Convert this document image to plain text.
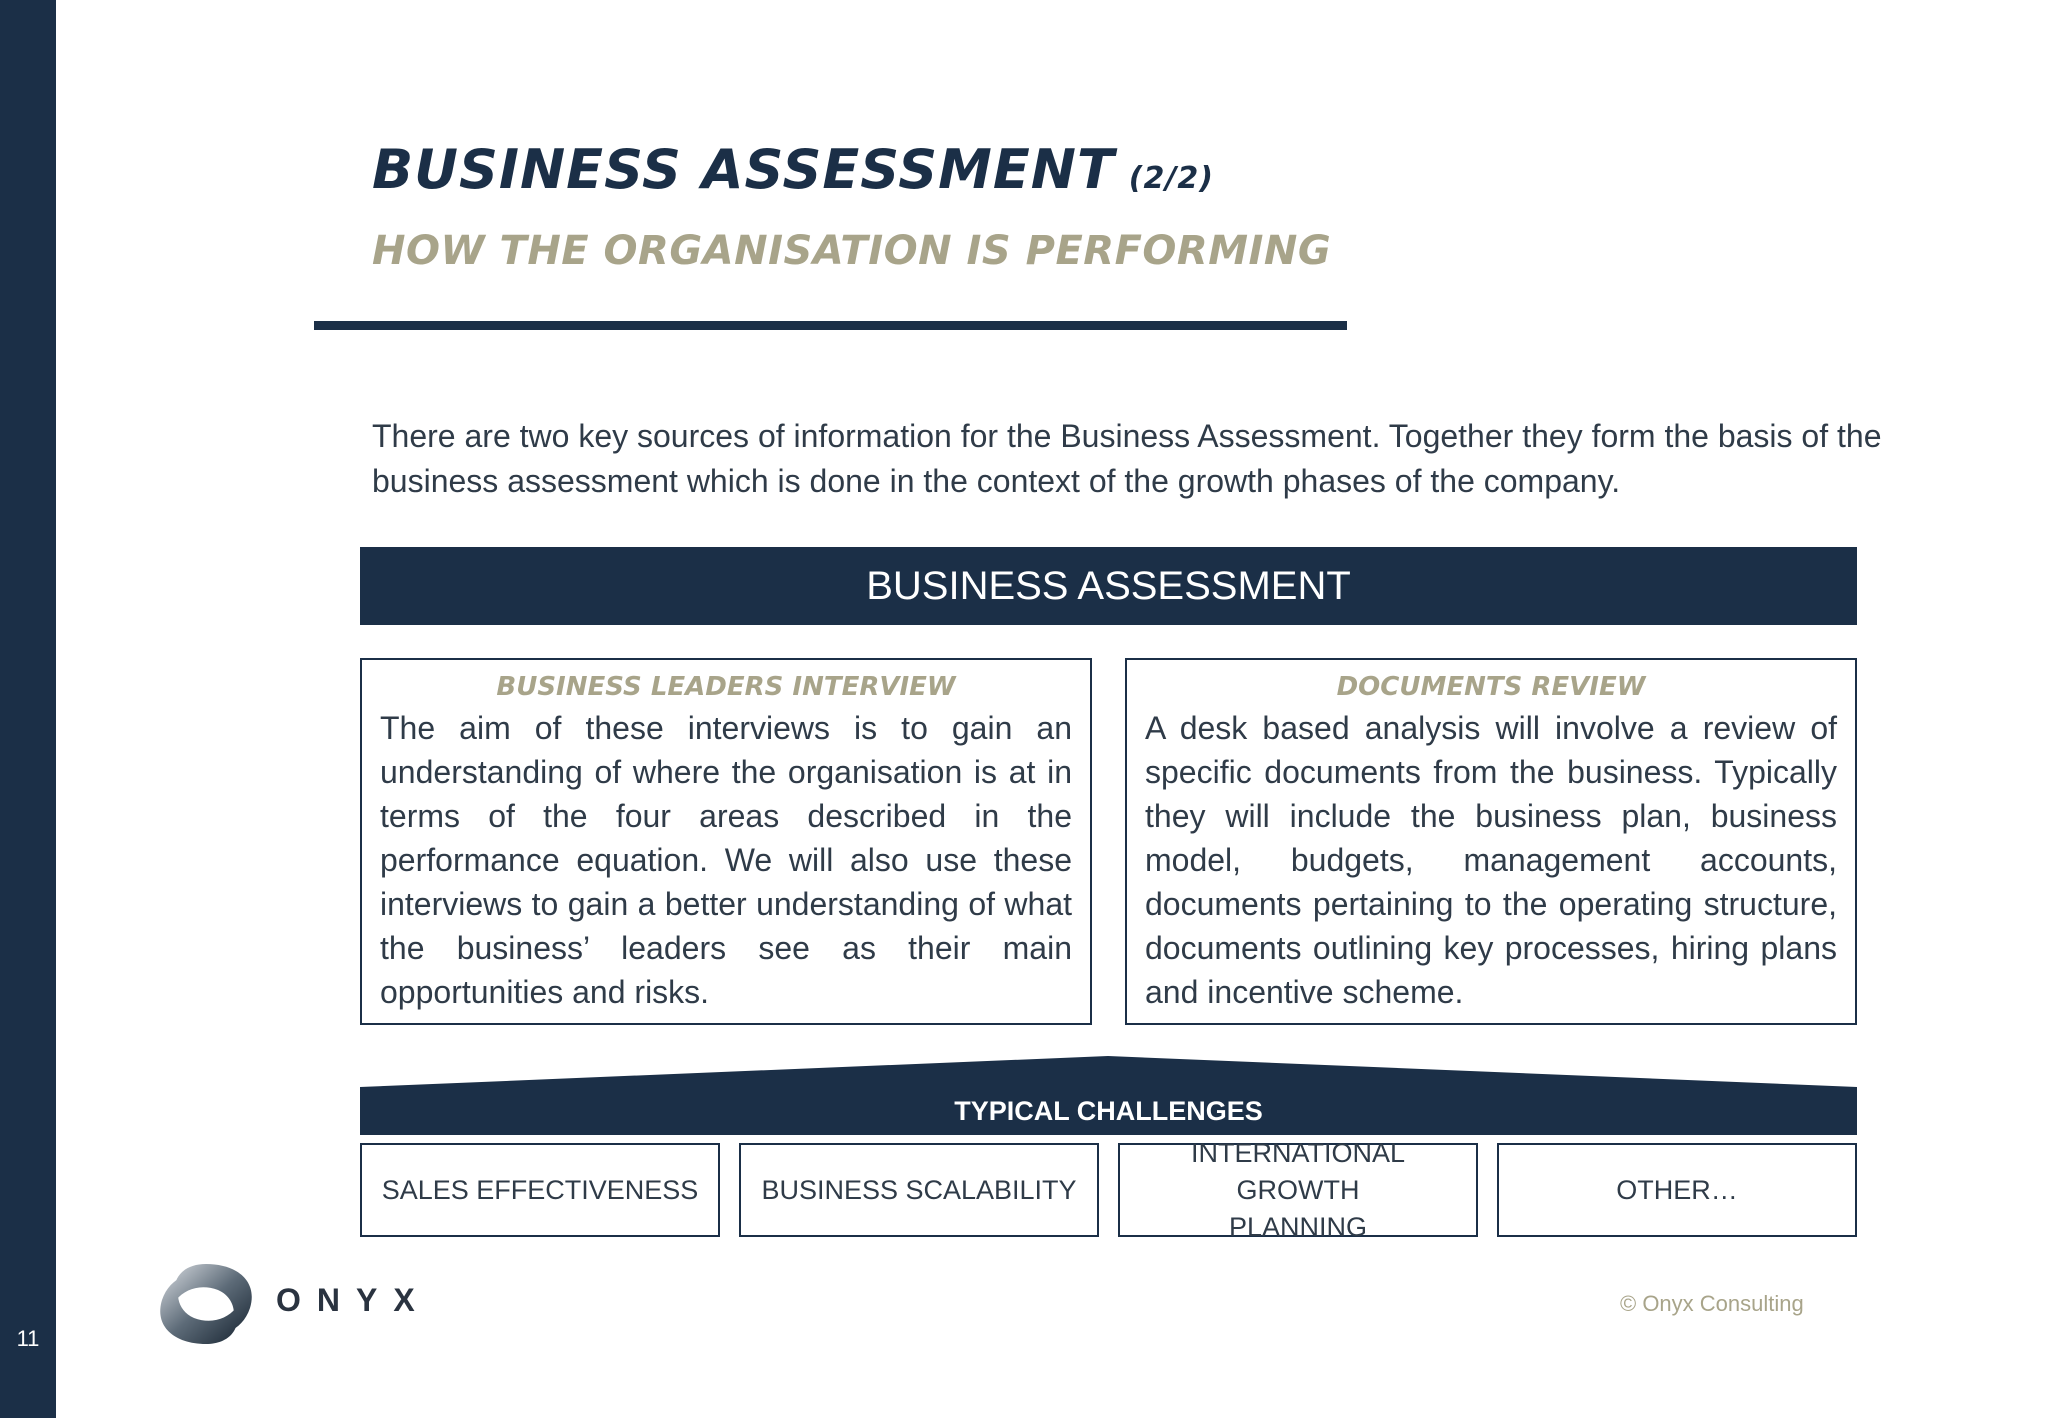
11
BUSINESS ASSESSMENT (2/2)
HOW THE ORGANISATION IS PERFORMING

There are two key sources of information for the Business Assessment. Together they form the basis of the business assessment which is done in the context of the growth phases of the company.

BUSINESS ASSESSMENT
BUSINESS LEADERS INTERVIEW

The aim of these interviews is to gain an understanding of where the organisation is at in terms of the four areas described in the performance equation. We will also use these interviews to gain a better understanding of what the business’ leaders see as their main opportunities and risks.

DOCUMENTS REVIEW

A desk based analysis will involve a review of specific documents from the business. Typically they will include the business plan, business model, budgets, management accounts, documents pertaining to the operating structure, documents outlining key processes, hiring plans and incentive scheme.

TYPICAL CHALLENGES
SALES EFFECTIVENESS	BUSINESS SCALABILITY
INTERNATIONAL GROWTH PLANNING
OTHER…
ONYX	© Onyx Consulting
